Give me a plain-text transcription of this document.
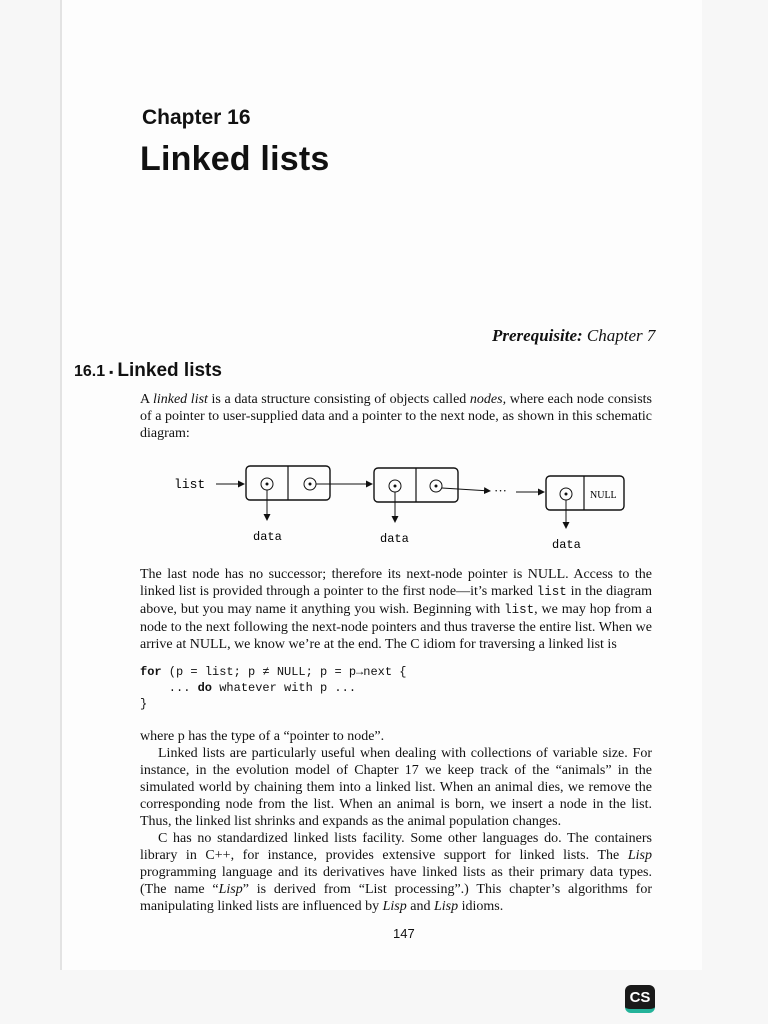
Chapter 16
Linked lists
Prerequisite: Chapter 7
16.1 ▪ Linked lists
A linked list is a data structure consisting of objects called nodes, where each node consists of a pointer to user-supplied data and a pointer to the next node, as shown in this schematic diagram:
list	···	NULL
data	data	data
The last node has no successor; therefore its next-node pointer is NULL. Access to the linked list is provided through a pointer to the first node—it’s marked list in the diagram above, but you may name it anything you wish. Beginning with list, we may hop from a node to the next following the next-node pointers and thus traverse the entire list. When we arrive at NULL, we know we’re at the end. The C idiom for traversing a linked list is
for (p = list; p ≠ NULL; p = p→next {
... do whatever with p ...
}
where p has the type of a “pointer to node”.
Linked lists are particularly useful when dealing with collections of variable size. For instance, in the evolution model of Chapter 17 we keep track of the “animals” in the simulated world by chaining them into a linked list. When an animal dies, we remove the corresponding node from the list. When an animal is born, we insert a node in the list. Thus, the linked list shrinks and expands as the animal population changes.
C has no standardized linked lists facility. Some other languages do. The containers library in C++, for instance, provides extensive support for linked lists. The Lisp programming language and its derivatives have linked lists as their primary data types. (The name “Lisp” is derived from “List processing”.) This chapter’s algorithms for manipulating linked lists are influenced by Lisp and Lisp idioms.
147
CS
